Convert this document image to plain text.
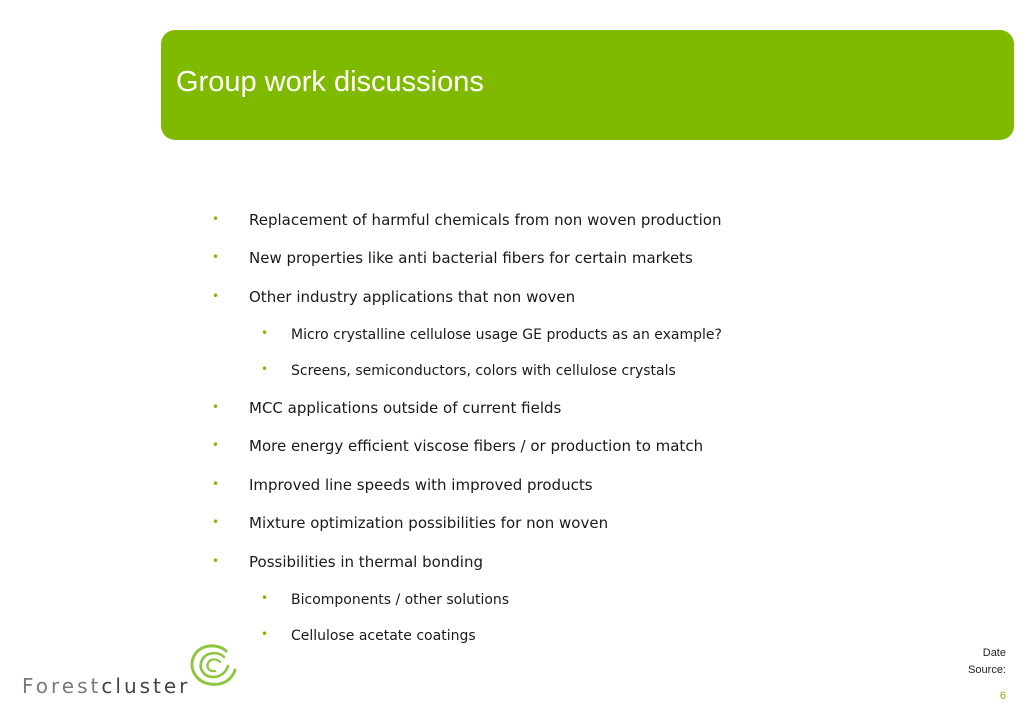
Group work discussions
• Replacement of harmful chemicals from non woven production
• New properties like anti bacterial fibers for certain markets
• Other industry applications that non woven
• Micro crystalline cellulose usage GE products as an example?
• Screens, semiconductors, colors with cellulose crystals
• MCC applications outside of current fields
• More energy efficient viscose fibers / or production to match
• Improved line speeds with improved products
• Mixture optimization possibilities for non woven
• Possibilities in thermal bonding
• Bicomponents / other solutions
• Cellulose acetate coatings
Forestcluster
Date
Source:
6
